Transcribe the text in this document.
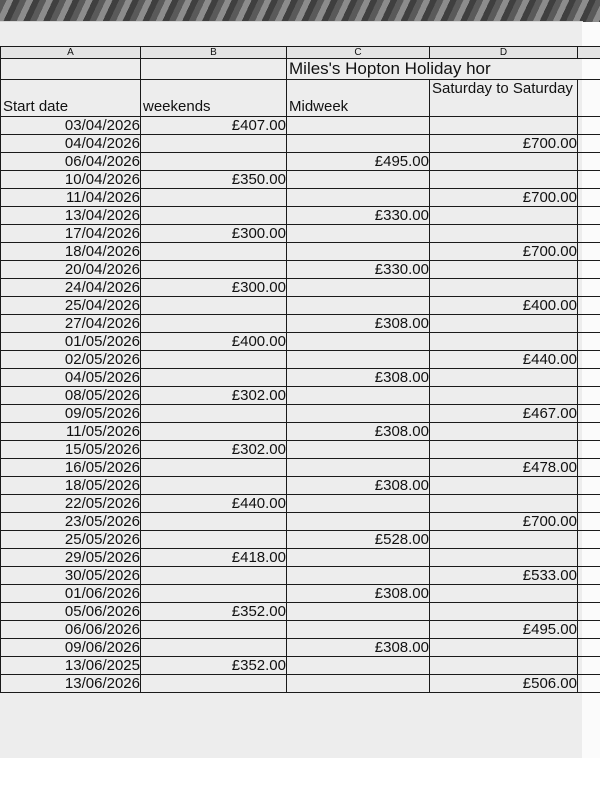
A	B	C	D	
		Miles's Hopton Holiday hor		
Start date	weekends	Midweek	Saturday to Saturday	
03/04/2026	£407.00			
04/04/2026			£700.00	
06/04/2026		£495.00		
10/04/2026	£350.00			
11/04/2026			£700.00	
13/04/2026		£330.00		
17/04/2026	£300.00			
18/04/2026			£700.00	
20/04/2026		£330.00		
24/04/2026	£300.00			
25/04/2026			£400.00	
27/04/2026		£308.00		
01/05/2026	£400.00			
02/05/2026			£440.00	
04/05/2026		£308.00		
08/05/2026	£302.00			
09/05/2026			£467.00	
11/05/2026		£308.00		
15/05/2026	£302.00			
16/05/2026			£478.00	
18/05/2026		£308.00		
22/05/2026	£440.00			
23/05/2026			£700.00	
25/05/2026		£528.00		
29/05/2026	£418.00			
30/05/2026			£533.00	
01/06/2026		£308.00		
05/06/2026	£352.00			
06/06/2026			£495.00	
09/06/2026		£308.00		
13/06/2025	£352.00			
13/06/2026			£506.00	
